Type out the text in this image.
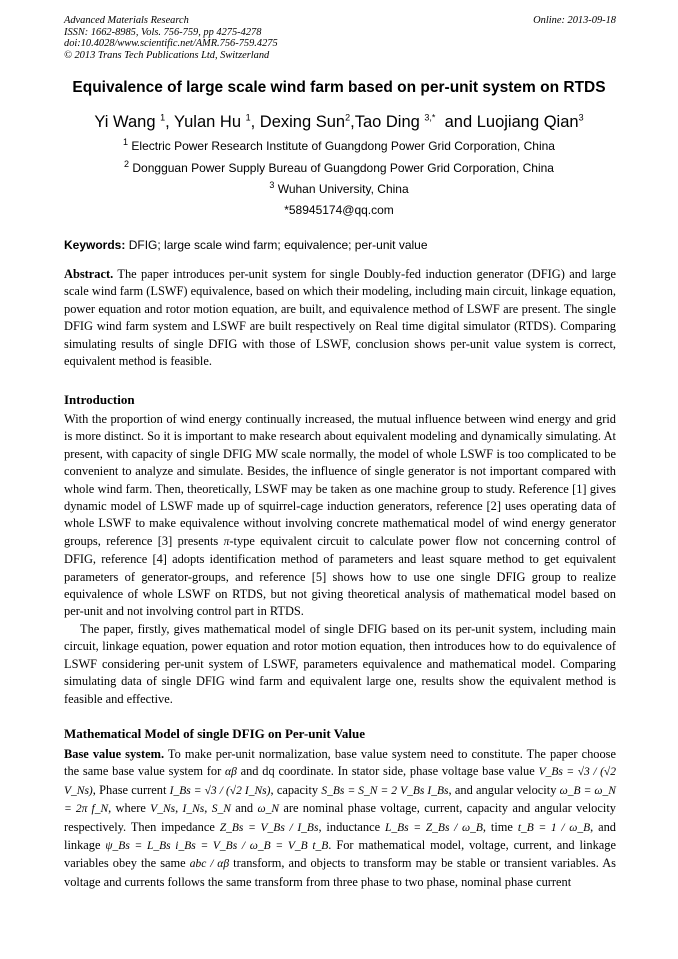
Advanced Materials Research
ISSN: 1662-8985, Vols. 756-759, pp 4275-4278
doi:10.4028/www.scientific.net/AMR.756-759.4275
© 2013 Trans Tech Publications Ltd, Switzerland
Online: 2013-09-18
Equivalence of large scale wind farm based on per-unit system on RTDS
Yi Wang $^1$, Yulan Hu $^1$, Dexing Sun$^2$,Tao Ding $^{3,*}$ and Luojiang Qian$^3$
$^1$ Electric Power Research Institute of Guangdong Power Grid Corporation, China
$^2$ Dongguan Power Supply Bureau of Guangdong Power Grid Corporation, China
$^3$ Wuhan University, China
*58945174@qq.com
Keywords: DFIG; large scale wind farm; equivalence; per-unit value

Abstract. The paper introduces per-unit system for single Doubly-fed induction generator (DFIG) and large scale wind farm (LSWF) equivalence, based on which their modeling, including main circuit, linkage equation, power equation and rotor motion equation, are built, and equivalence method of LSWF are present. The single DFIG wind farm system and LSWF are built respectively on Real time digital simulator (RTDS). Comparing simulating results of single DFIG with those of LSWF, conclusion shows per-unit value system is correct, equivalent method is feasible.

Introduction

With the proportion of wind energy continually increased, the mutual influence between wind energy and grid is more distinct. So it is important to make research about equivalent modeling and dynamically simulating. At present, with capacity of single DFIG MW scale normally, the model of whole LSWF is too complicated to be convenient to analyze and simulate. Besides, the influence of single generator is not important compared with whole wind farm. Then, theoretically, LSWF may be taken as one machine group to study. Reference [1] gives dynamic model of LSWF made up of squirrel-cage induction generators, reference [2] uses operating data of whole LSWF to make equivalence without involving concrete mathematical model of wind energy generator groups, reference [3] presents π-type equivalent circuit to calculate power flow not concerning control of DFIG, reference [4] adopts identification method of parameters and least square method to get equivalent parameters of generator-groups, and reference [5] shows how to use one single DFIG group to realize equivalence of whole LSWF on RTDS, but not giving theoretical analysis of mathematical model based on per-unit and not involving control part in RTDS.

The paper, firstly, gives mathematical model of single DFIG based on its per-unit system, including main circuit, linkage equation, power equation and rotor motion equation, then introduces how to do equivalence of LSWF considering per-unit system of LSWF, parameters equivalence and mathematical model. Comparing simulating data of single DFIG wind farm and equivalent large one, results show the equivalent method is feasible and effective.

Mathematical Model of single DFIG on Per-unit Value

Base value system. To make per-unit normalization, base value system need to constitute. The paper choose the same base value system for αβ and dq coordinate. In stator side, phase voltage base value V_Bs = √3 / (√2 V_Ns), Phase current I_Bs = √3 / (√2 I_Ns), capacity S_Bs = S_N = 2 V_Bs I_Bs, and angular velocity ω_B = ω_N = 2π f_N, where V_Ns, I_Ns, S_N and ω_N are nominal phase voltage, current, capacity and angular velocity respectively. Then impedance Z_Bs = V_Bs / I_Bs, inductance L_Bs = Z_Bs / ω_B, time t_B = 1 / ω_B, and linkage ψ_Bs = L_Bs i_Bs = V_Bs / ω_B = V_B t_B. For mathematical model, voltage, current, and linkage variables obey the same abc / αβ transform, and objects to transform may be stable or transient variables. As voltage and currents follows the same transform from three phase to two phase, nominal phase current
